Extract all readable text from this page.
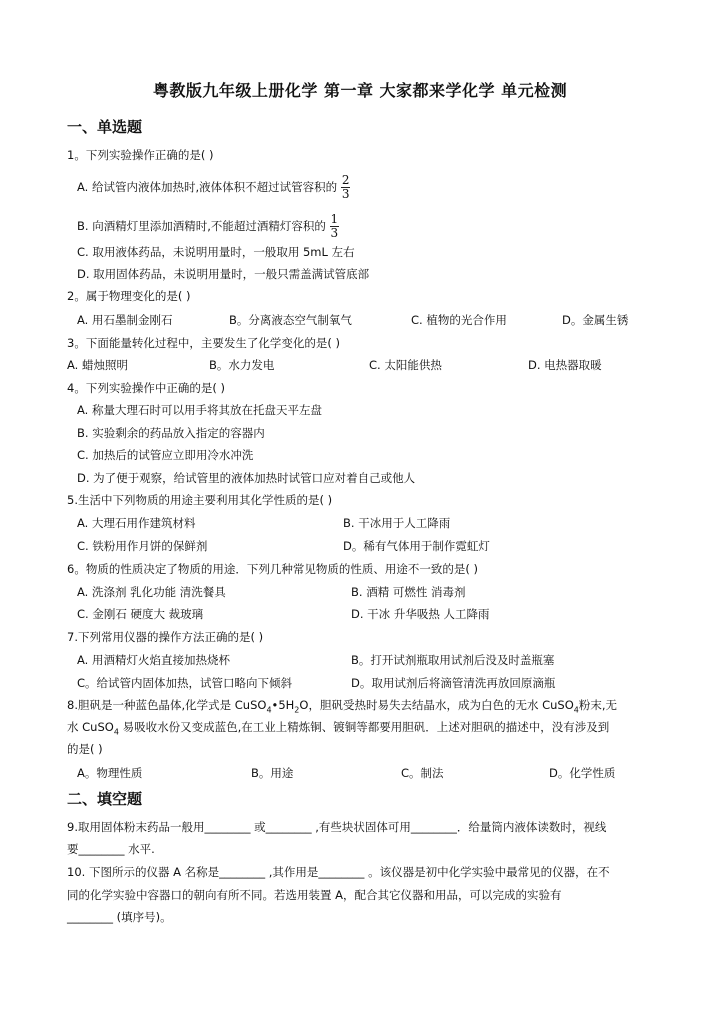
粤教版九年级上册化学 第一章 大家都来学化学 单元检测
一、单选题
1。下列实验操作正确的是( )
A. 给试管内液体加热时,液体体积不超过试管容积的 $\frac{2}{3}$
B. 向酒精灯里添加酒精时,不能超过酒精灯容积的 $\frac{1}{3}$
C. 取用液体药品，未说明用量时，一般取用 5mL 左右
D. 取用固体药品，未说明用量时，一般只需盖满试管底部
2。属于物理变化的是( )
A. 用石墨制金刚石	B。分离液态空气制氧气	C. 植物的光合作用	D。金属生锈
3。下面能量转化过程中，主要发生了化学变化的是( )
A. 蜡烛照明	B。水力发电	C. 太阳能供热	D. 电热器取暖
4。下列实验操作中正确的是( )
A. 称量大理石时可以用手将其放在托盘天平左盘
B. 实验剩余的药品放入指定的容器内
C. 加热后的试管应立即用冷水冲洗
D. 为了便于观察，给试管里的液体加热时试管口应对着自己或他人
5.生活中下列物质的用途主要利用其化学性质的是( )
A. 大理石用作建筑材料	B. 干冰用于人工降雨
C. 铁粉用作月饼的保鲜剂	D。稀有气体用于制作霓虹灯
6。物质的性质决定了物质的用途．下列几种常见物质的性质、用途不一致的是( )
A. 洗涤剂 乳化功能 清洗餐具	B. 酒精 可燃性 消毒剂
C. 金刚石 硬度大 裁玻璃	D. 干冰 升华吸热 人工降雨
7.下列常用仪器的操作方法正确的是( )
A. 用酒精灯火焰直接加热烧杯	B。打开试剂瓶取用试剂后没及时盖瓶塞
C。给试管内固体加热，试管口略向下倾斜	D。取用试剂后将滴管清洗再放回原滴瓶
8.胆矾是一种蓝色晶体,化学式是 $CuSO_4•5H_2O$，胆矾受热时易失去结晶水，成为白色的无水 CuSO$_4$粉末,无
水 CuSO$_4$ 易吸收水份又变成蓝色,在工业上精炼铜、镀铜等都要用胆矾．上述对胆矾的描述中，没有涉及到
的是( )
A。物理性质	B。用途	C。制法	D。化学性质
二、填空题
9.取用固体粉末药品一般用________ 或________ ,有些块状固体可用________．给量筒内液体读数时，视线
要________ 水平.
10. 下图所示的仪器 A 名称是________ ,其作用是________ 。该仪器是初中化学实验中最常见的仪器，在不
同的化学实验中容器口的朝向有所不同。若选用装置 A，配合其它仪器和用品，可以完成的实验有
________ (填序号)。
